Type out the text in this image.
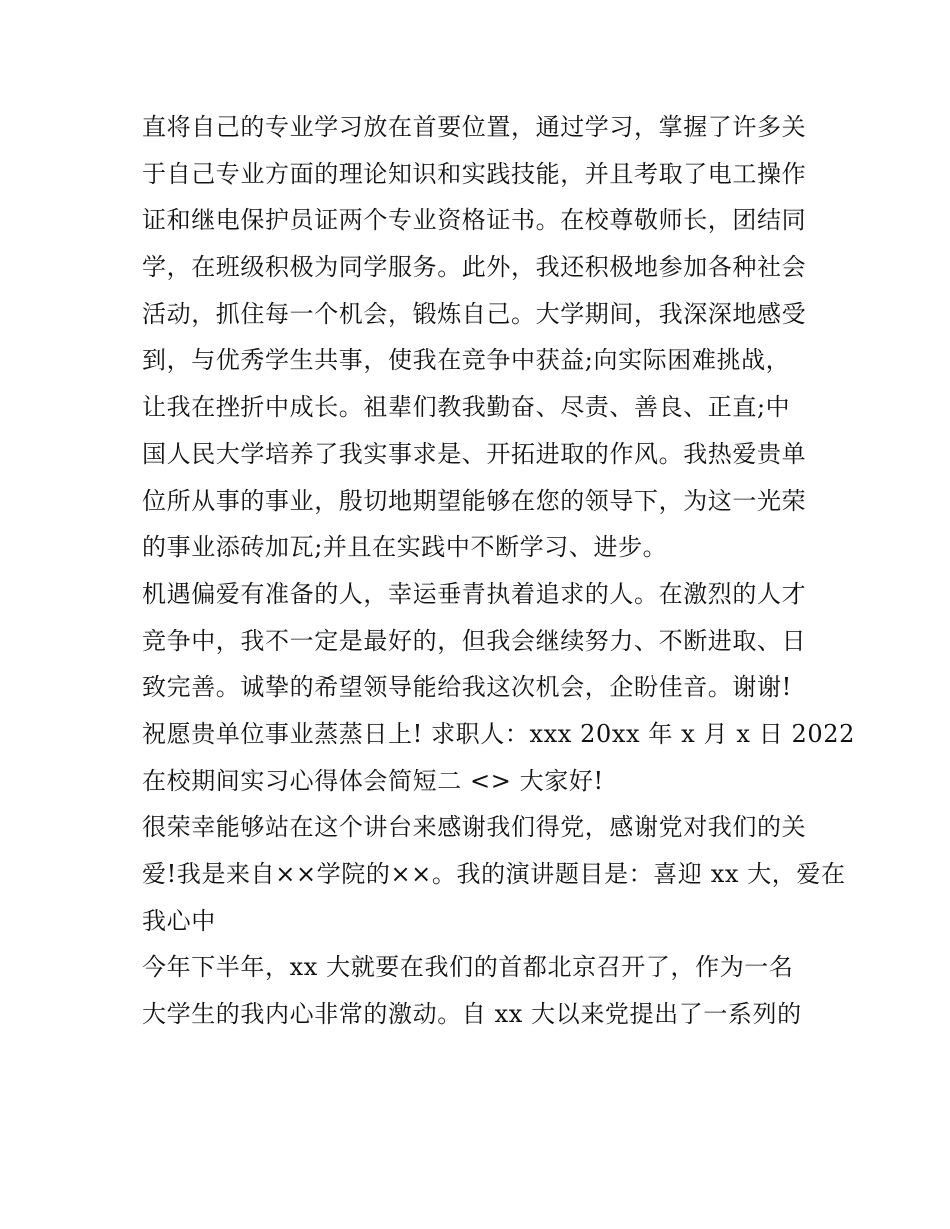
直将自己的专业学习放在首要位置，通过学习，掌握了许多关
于自己专业方面的理论知识和实践技能，并且考取了电工操作
证和继电保护员证两个专业资格证书。在校尊敬师长，团结同
学，在班级积极为同学服务。此外，我还积极地参加各种社会
活动，抓住每一个机会，锻炼自己。大学期间，我深深地感受
到，与优秀学生共事，使我在竞争中获益;向实际困难挑战，
让我在挫折中成长。祖辈们教我勤奋、尽责、善良、正直;中
国人民大学培养了我实事求是、开拓进取的作风。我热爱贵单
位所从事的事业，殷切地期望能够在您的领导下，为这一光荣
的事业添砖加瓦;并且在实践中不断学习、进步。
机遇偏爱有准备的人，幸运垂青执着追求的人。在激烈的人才
竞争中，我不一定是最好的，但我会继续努力、不断进取、日
致完善。诚挚的希望领导能给我这次机会，企盼佳音。谢谢!
祝愿贵单位事业蒸蒸日上! 求职人：xxx 20xx 年 x 月 x 日 2022
在校期间实习心得体会简短二 <> 大家好!
很荣幸能够站在这个讲台来感谢我们得党，感谢党对我们的关
爱!我是来自××学院的××。我的演讲题目是：喜迎 xx 大，爱在
我心中
今年下半年，xx 大就要在我们的首都北京召开了，作为一名
大学生的我内心非常的激动。自 xx 大以来党提出了一系列的
